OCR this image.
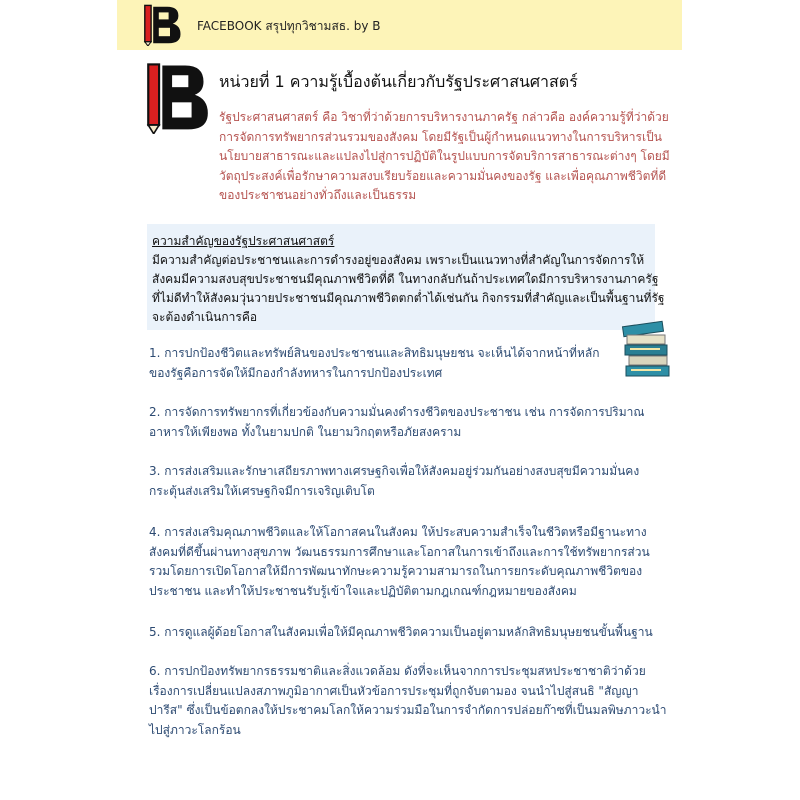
FACEBOOK สรุปทุกวิชามสธ. by B
หน่วยที่ 1 ความรู้เบื้องต้นเกี่ยวกับรัฐประศาสนศาสตร์
รัฐประศาสนศาสตร์ คือ วิชาที่ว่าด้วยการบริหารงานภาครัฐ กล่าวคือ องค์ความรู้ที่ว่าด้วย
การจัดการทรัพยากรส่วนรวมของสังคม โดยมีรัฐเป็นผู้กำหนดแนวทางในการบริหารเป็น
นโยบายสาธารณะและแปลงไปสู่การปฏิบัติในรูปแบบการจัดบริการสาธารณะต่างๆ โดยมี
วัตถุประสงค์เพื่อรักษาความสงบเรียบร้อยและความมั่นคงของรัฐ และเพื่อคุณภาพชีวิตที่ดี
ของประชาชนอย่างทั่วถึงและเป็นธรรม
ความสำคัญของรัฐประศาสนศาสตร์
มีความสำคัญต่อประชาชนและการดำรงอยู่ของสังคม เพราะเป็นแนวทางที่สำคัญในการจัดการให้
สังคมมีความสงบสุขประชาชนมีคุณภาพชีวิตที่ดี ในทางกลับกันถ้าประเทศใดมีการบริหารงานภาครัฐ
ที่ไม่ดีทำให้สังคมวุ่นวายประชาชนมีคุณภาพชีวิตตกต่ำได้เช่นกัน กิจกรรมที่สำคัญและเป็นพื้นฐานที่รัฐ
จะต้องดำเนินการคือ
1. การปกป้องชีวิตและทรัพย์สินของประชาชนและสิทธิมนุษยชน จะเห็นได้จากหน้าที่หลัก
ของรัฐคือการจัดให้มีกองกำลังทหารในการปกป้องประเทศ
2. การจัดการทรัพยากรที่เกี่ยวข้องกับความมั่นคงดำรงชีวิตของประชาชน เช่น การจัดการปริมาณ
อาหารให้เพียงพอ ทั้งในยามปกติ ในยามวิกฤตหรือภัยสงคราม
3. การส่งเสริมและรักษาเสถียรภาพทางเศรษฐกิจเพื่อให้สังคมอยู่ร่วมกันอย่างสงบสุขมีความมั่นคง
กระตุ้นส่งเสริมให้เศรษฐกิจมีการเจริญเติบโต
4. การส่งเสริมคุณภาพชีวิตและให้โอกาสคนในสังคม ให้ประสบความสำเร็จในชีวิตหรือมีฐานะทาง
สังคมที่ดีขึ้นผ่านทางสุขภาพ วัฒนธรรมการศึกษาและโอกาสในการเข้าถึงและการใช้ทรัพยากรส่วน
รวมโดยการเปิดโอกาสให้มีการพัฒนาทักษะความรู้ความสามารถในการยกระดับคุณภาพชีวิตของ
ประชาชน และทำให้ประชาชนรับรู้เข้าใจและปฏิบัติตามกฎเกณฑ์กฎหมายของสังคม
5. การดูแลผู้ด้อยโอกาสในสังคมเพื่อให้มีคุณภาพชีวิตความเป็นอยู่ตามหลักสิทธิมนุษยชนขั้นพื้นฐาน
6. การปกป้องทรัพยากรธรรมชาติและสิ่งแวดล้อม ดังที่จะเห็นจากการประชุมสหประชาชาติว่าด้วย
เรื่องการเปลี่ยนแปลงสภาพภูมิอากาศเป็นหัวข้อการประชุมที่ถูกจับตามอง จนนำไปสู่สนธิ "สัญญา
ปารีส" ซึ่งเป็นข้อตกลงให้ประชาคมโลกให้ความร่วมมือในการจำกัดการปล่อยก๊าซที่เป็นมลพิษภาวะนำ
ไปสู่ภาวะโลกร้อน
